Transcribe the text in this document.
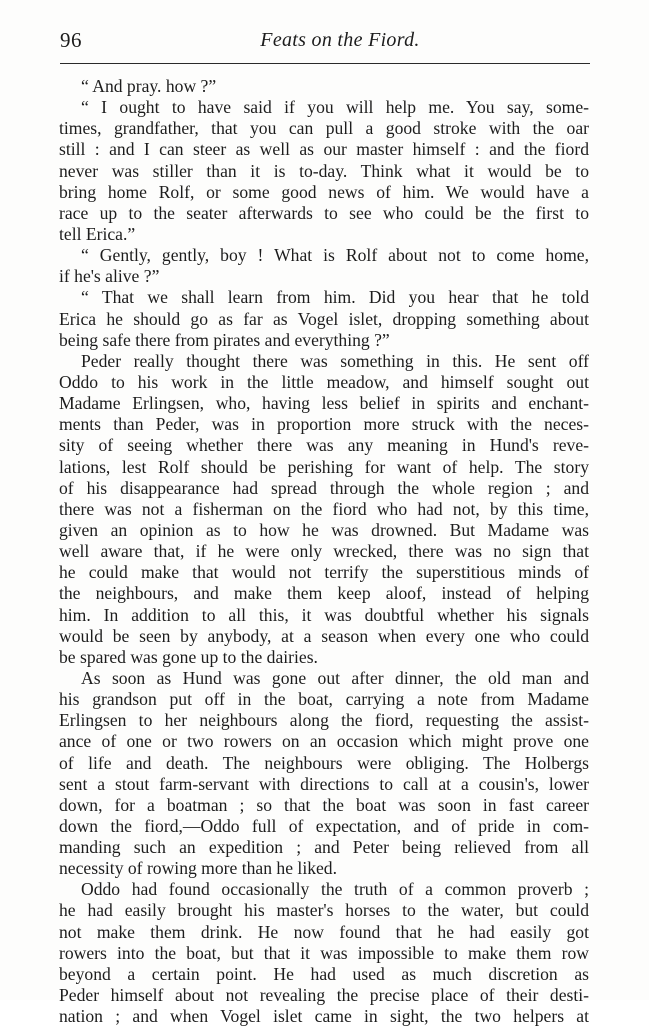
96	Feats on the Fiord.
“ And pray. how ?”
“ I ought to have said if you will help me. You say, some-
times, grandfather, that you can pull a good stroke with the oar
still : and I can steer as well as our master himself : and the fiord
never was stiller than it is to-day. Think what it would be to
bring home Rolf, or some good news of him. We would have a
race up to the seater afterwards to see who could be the first to
tell Erica.”
“ Gently, gently, boy ! What is Rolf about not to come home,
if he's alive ?”
“ That we shall learn from him. Did you hear that he told
Erica he should go as far as Vogel islet, dropping something about
being safe there from pirates and everything ?”
Peder really thought there was something in this. He sent off
Oddo to his work in the little meadow, and himself sought out
Madame Erlingsen, who, having less belief in spirits and enchant-
ments than Peder, was in proportion more struck with the neces-
sity of seeing whether there was any meaning in Hund's reve-
lations, lest Rolf should be perishing for want of help. The story
of his disappearance had spread through the whole region ; and
there was not a fisherman on the fiord who had not, by this time,
given an opinion as to how he was drowned. But Madame was
well aware that, if he were only wrecked, there was no sign that
he could make that would not terrify the superstitious minds of
the neighbours, and make them keep aloof, instead of helping
him. In addition to all this, it was doubtful whether his signals
would be seen by anybody, at a season when every one who could
be spared was gone up to the dairies.
As soon as Hund was gone out after dinner, the old man and
his grandson put off in the boat, carrying a note from Madame
Erlingsen to her neighbours along the fiord, requesting the assist-
ance of one or two rowers on an occasion which might prove one
of life and death. The neighbours were obliging. The Holbergs
sent a stout farm-servant with directions to call at a cousin's, lower
down, for a boatman ; so that the boat was soon in fast career
down the fiord,—Oddo full of expectation, and of pride in com-
manding such an expedition ; and Peter being relieved from all
necessity of rowing more than he liked.
Oddo had found occasionally the truth of a common proverb ;
he had easily brought his master's horses to the water, but could
not make them drink. He now found that he had easily got
rowers into the boat, but that it was impossible to make them row
beyond a certain point. He had used as much discretion as
Peder himself about not revealing the precise place of their desti-
nation ; and when Vogel islet came in sight, the two helpers at
